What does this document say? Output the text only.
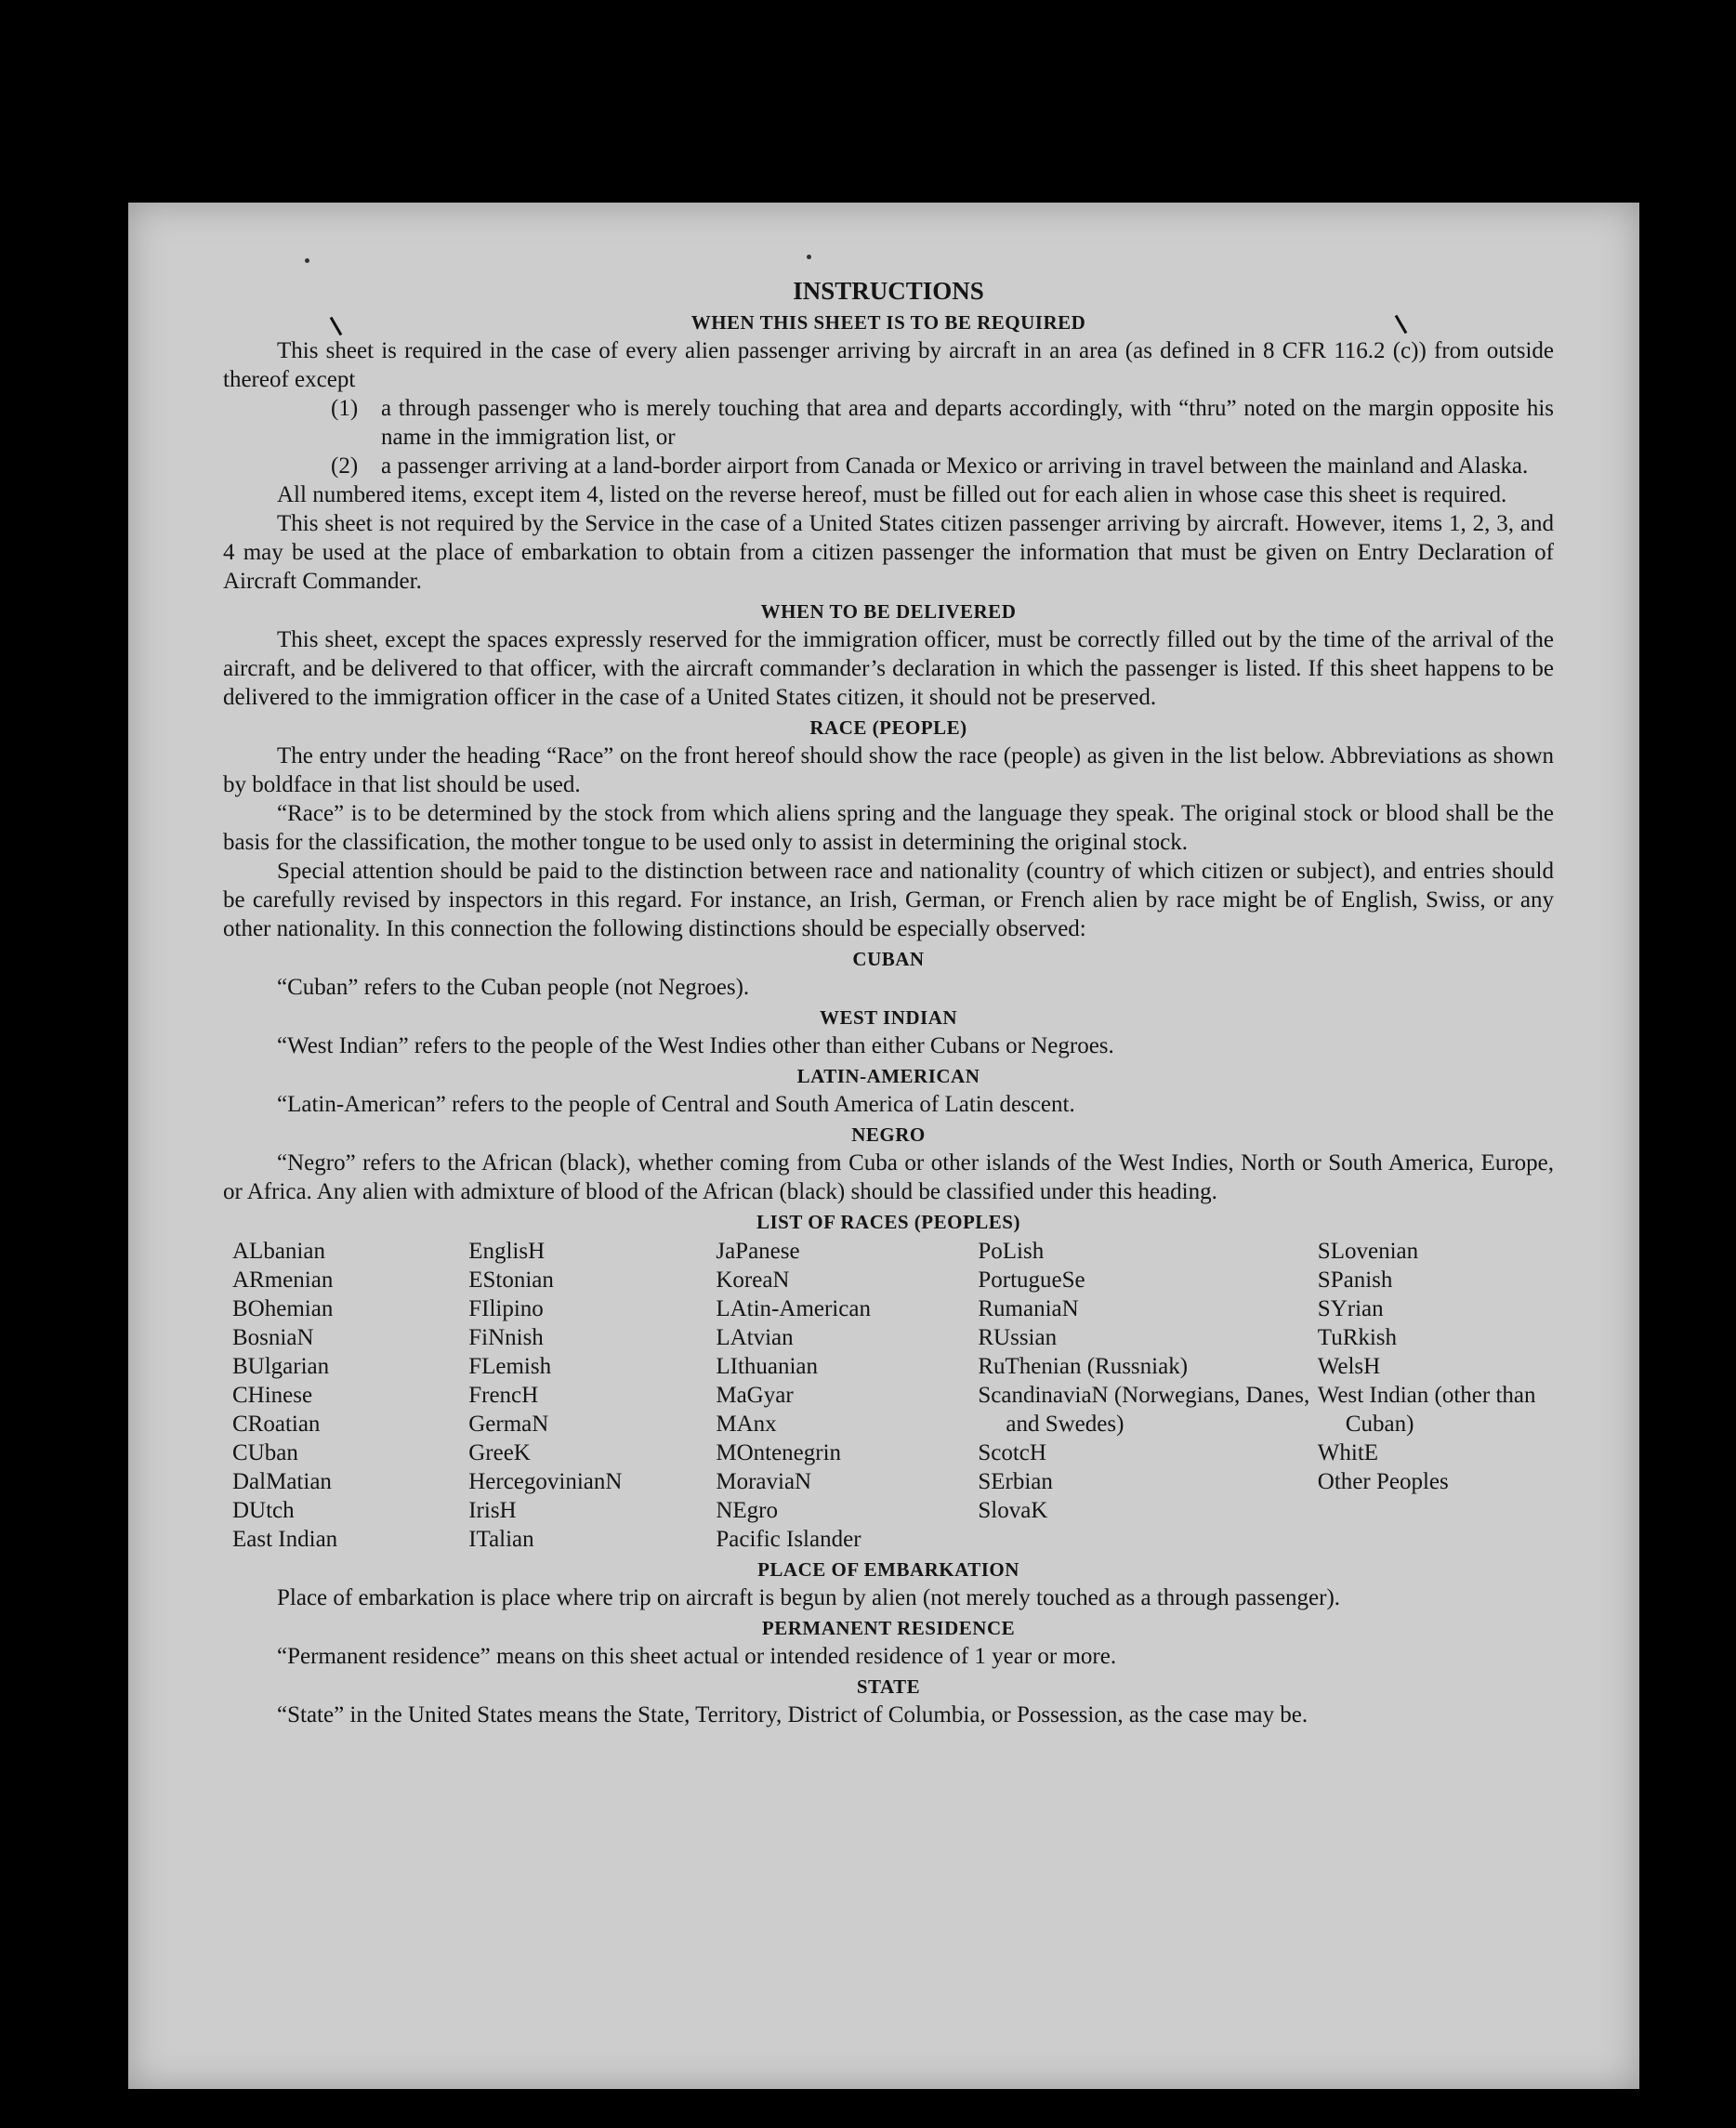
INSTRUCTIONS
WHEN THIS SHEET IS TO BE REQUIRED

This sheet is required in the case of every alien passenger arriving by aircraft in an area (as defined in 8 CFR 116.2 (c)) from outside thereof except

(1) a through passenger who is merely touching that area and departs accordingly, with “thru” noted on the margin opposite his name in the immigration list, or
(2) a passenger arriving at a land-border airport from Canada or Mexico or arriving in travel between the mainland and Alaska.

All numbered items, except item 4, listed on the reverse hereof, must be filled out for each alien in whose case this sheet is required.

This sheet is not required by the Service in the case of a United States citizen passenger arriving by aircraft. However, items 1, 2, 3, and 4 may be used at the place of embarkation to obtain from a citizen passenger the information that must be given on Entry Declaration of Aircraft Commander.

WHEN TO BE DELIVERED

This sheet, except the spaces expressly reserved for the immigration officer, must be correctly filled out by the time of the arrival of the aircraft, and be delivered to that officer, with the aircraft commander’s declaration in which the passenger is listed. If this sheet happens to be delivered to the immigration officer in the case of a United States citizen, it should not be preserved.

RACE (PEOPLE)

The entry under the heading “Race” on the front hereof should show the race (people) as given in the list below. Abbreviations as shown by boldface in that list should be used.

“Race” is to be determined by the stock from which aliens spring and the language they speak. The original stock or blood shall be the basis for the classification, the mother tongue to be used only to assist in determining the original stock.

Special attention should be paid to the distinction between race and nationality (country of which citizen or subject), and entries should be carefully revised by inspectors in this regard. For instance, an Irish, German, or French alien by race might be of English, Swiss, or any other nationality. In this connection the following distinctions should be especially observed:

CUBAN

“Cuban” refers to the Cuban people (not Negroes).

WEST INDIAN

“West Indian” refers to the people of the West Indies other than either Cubans or Negroes.

LATIN-AMERICAN

“Latin-American” refers to the people of Central and South America of Latin descent.

NEGRO

“Negro” refers to the African (black), whether coming from Cuba or other islands of the West Indies, North or South America, Europe, or Africa. Any alien with admixture of blood of the African (black) should be classified under this heading.

LIST OF RACES (PEOPLES)
ALbanian
ARmenian
BOhemian
BosniaN
BUlgarian
CHinese
CRoatian
CUban
DalMatian
DUtch
East Indian
EnglisH
EStonian
FIlipino
FiNnish
FLemish
FrencH
GermaN
GreeK
HercegovinianN
IrisH
ITalian
JaPanese
KoreaN
LAtin-American
LAtvian
LIthuanian
MaGyar
MAnx
MOntenegrin
MoraviaN
NEgro
Pacific Islander
PoLish
PortugueSe
RumaniaN
RUssian
RuThenian (Russniak)
ScandinaviaN (Norwegians, Danes, and Swedes)
ScotcH
SErbian
SlovaK
SLovenian
SPanish
SYrian
TuRkish
WelsH
West Indian (other than Cuban)
WhitE
Other Peoples
PLACE OF EMBARKATION

Place of embarkation is place where trip on aircraft is begun by alien (not merely touched as a through passenger).

PERMANENT RESIDENCE

“Permanent residence” means on this sheet actual or intended residence of 1 year or more.

STATE

“State” in the United States means the State, Territory, District of Columbia, or Possession, as the case may be.
